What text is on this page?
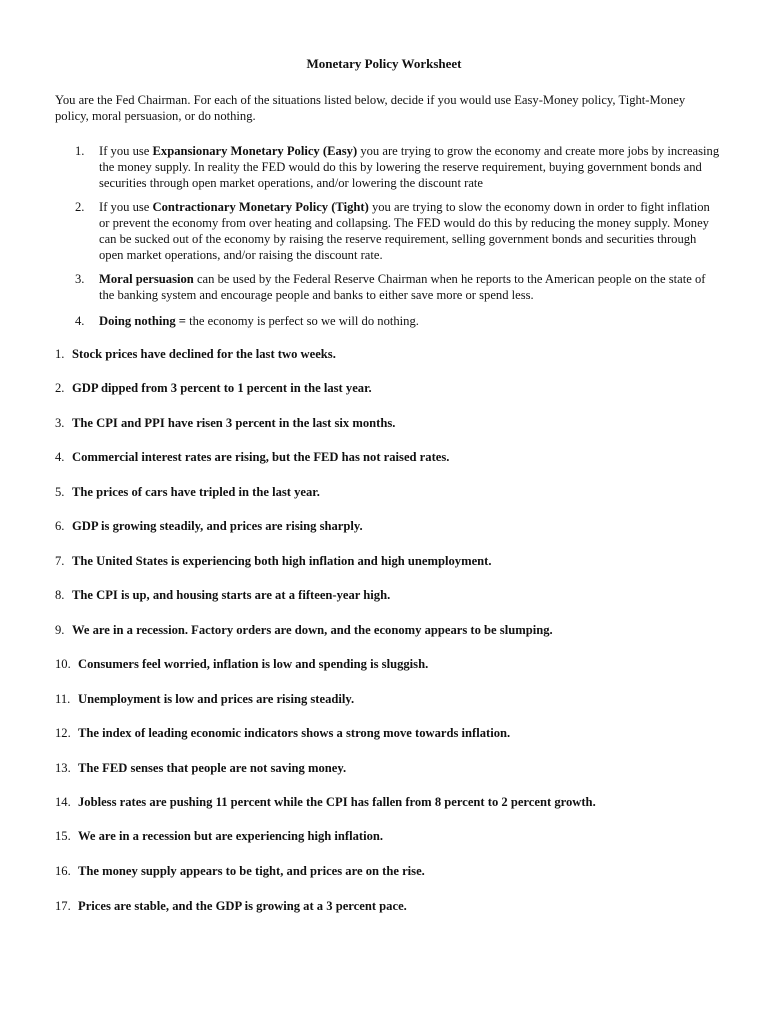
Monetary Policy Worksheet
You are the Fed Chairman. For each of the situations listed below, decide if you would use Easy-Money policy, Tight-Money policy, moral persuasion, or do nothing.
1.	If you use Expansionary Monetary Policy (Easy) you are trying to grow the economy and create more jobs by increasing the money supply. In reality the FED would do this by lowering the reserve requirement, buying government bonds and securities through open market operations, and/or lowering the discount rate
2.	If you use Contractionary Monetary Policy (Tight) you are trying to slow the economy down in order to fight inflation or prevent the economy from over heating and collapsing. The FED would do this by reducing the money supply. Money can be sucked out of the economy by raising the reserve requirement, selling government bonds and securities through open market operations, and/or raising the discount rate.
3.	Moral persuasion can be used by the Federal Reserve Chairman when he reports to the American people on the state of the banking system and encourage people and banks to either save more or spend less.
4.	Doing nothing = the economy is perfect so we will do nothing.
1. Stock prices have declined for the last two weeks.
2. GDP dipped from 3 percent to 1 percent in the last year.
3. The CPI and PPI have risen 3 percent in the last six months.
4. Commercial interest rates are rising, but the FED has not raised rates.
5. The prices of cars have tripled in the last year.
6. GDP is growing steadily, and prices are rising sharply.
7. The United States is experiencing both high inflation and high unemployment.
8. The CPI is up, and housing starts are at a fifteen-year high.
9. We are in a recession. Factory orders are down, and the economy appears to be slumping.
10. Consumers feel worried, inflation is low and spending is sluggish.
11. Unemployment is low and prices are rising steadily.
12. The index of leading economic indicators shows a strong move towards inflation.
13. The FED senses that people are not saving money.
14. Jobless rates are pushing 11 percent while the CPI has fallen from 8 percent to 2 percent growth.
15. We are in a recession but are experiencing high inflation.
16. The money supply appears to be tight, and prices are on the rise.
17. Prices are stable, and the GDP is growing at a 3 percent pace.
